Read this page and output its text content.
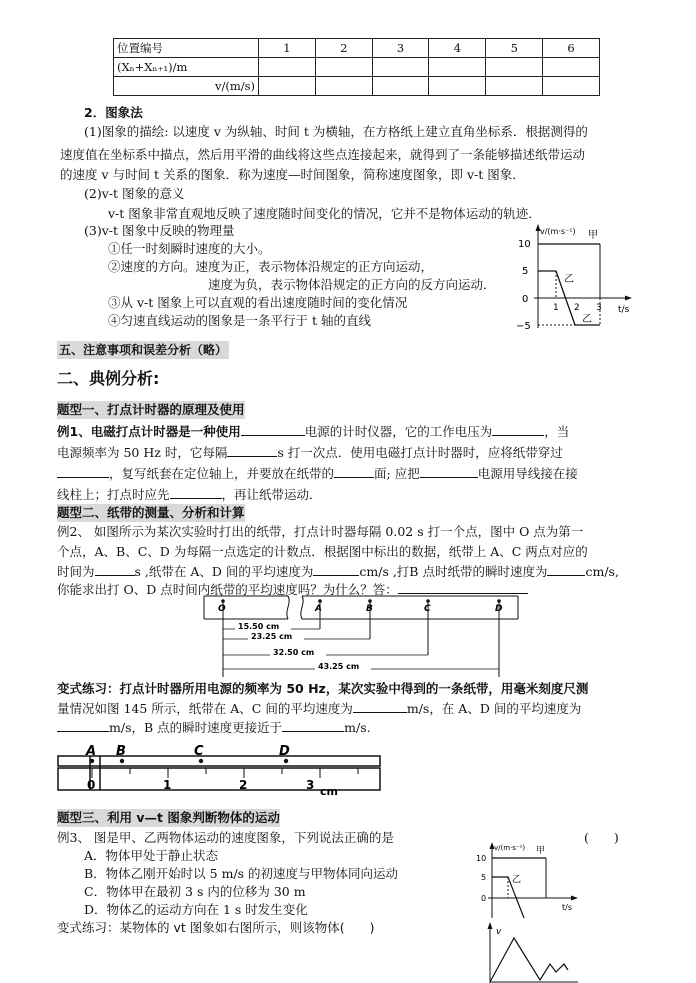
位置编号	1	2	3	4	5	6
(Xₙ+Xₙ₊₁)/m						
v/(m/s)						
2．图象法
(1)图象的描绘: 以速度 v 为纵轴、时间 t 为横轴，在方格纸上建立直角坐标系．根据测得的
速度值在坐标系中描点，然后用平滑的曲线将这些点连接起来，就得到了一条能够描述纸带运动
的速度 v 与时间 t 关系的图象．称为速度—时间图象，简称速度图象，即 v-t 图象．
(2)v-t 图象的意义
v-t 图象非常直观地反映了速度随时间变化的情况，它并不是物体运动的轨迹．
(3)v-t 图象中反映的物理量
①任一时刻瞬时速度的大小。
②速度的方向。速度为正，表示物体沿规定的正方向运动，
速度为负，表示物体沿规定的正方向的反方向运动．
③从 v-t 图象上可以直观的看出速度随时间的变化情况
④匀速直线运动的图象是一条平行于 t 轴的直线
v/(m·s⁻¹) 甲
乙
乙
10
5
0
−5
1 2 3 t/s
五、注意事项和误差分析（略）
二、典例分析:
题型一、打点计时器的原理及使用
例1、电磁打点计时器是一种使用	电源的计时仪器，它的工作电压为	，当
电源频率为 50 Hz 时，它每隔	s 打一次点．使用电磁打点计时器时，应将纸带穿过
，复写纸套在定位轴上，并要放在纸带的	面; 应把	电源用导线接在接
线柱上；打点时应先	，再让纸带运动．
题型二、纸带的测量、分析和计算
例2、 如图所示为某次实验时打出的纸带，打点计时器每隔 0.02 s 打一个点，图中 O 点为第一
个点，A、B、C、D 为每隔一点选定的计数点．根据图中标出的数据，纸带上 A、C 两点对应的
时间为	s ,纸带在 A、D 间的平均速度为	cm/s ,打B 点时纸带的瞬时速度为	cm/s,
你能求出打 O、D 点时间内纸带的平均速度吗？为什么？答：
O	A	B	C	D
15.50 cm
23.25 cm
32.50 cm
43.25 cm
变式练习：打点计时器所用电源的频率为 50 Hz，某次实验中得到的一条纸带，用毫米刻度尺测
量情况如图 145 所示，纸带在 A、C 间的平均速度为	m/s，在 A、D 间的平均速度为
m/s，B 点的瞬时速度更接近于	m/s.
A B	C	D
0	1	2	3 cm
题型三、利用 v—t 图象判断物体的运动
例3、 图是甲、乙两物体运动的速度图象，下列说法正确的是	(　　)
A．物体甲处于静止状态
B．物体乙刚开始时以 5 m/s 的初速度与甲物体同向运动
C．物体甲在最初 3 s 内的位移为 30 m
D．物体乙的运动方向在 1 s 时发生变化
变式练习：某物体的 vt 图象如右图所示，则该物体(　　)
v/(m·s⁻¹) 甲
乙
10
5
0
t/s
v
